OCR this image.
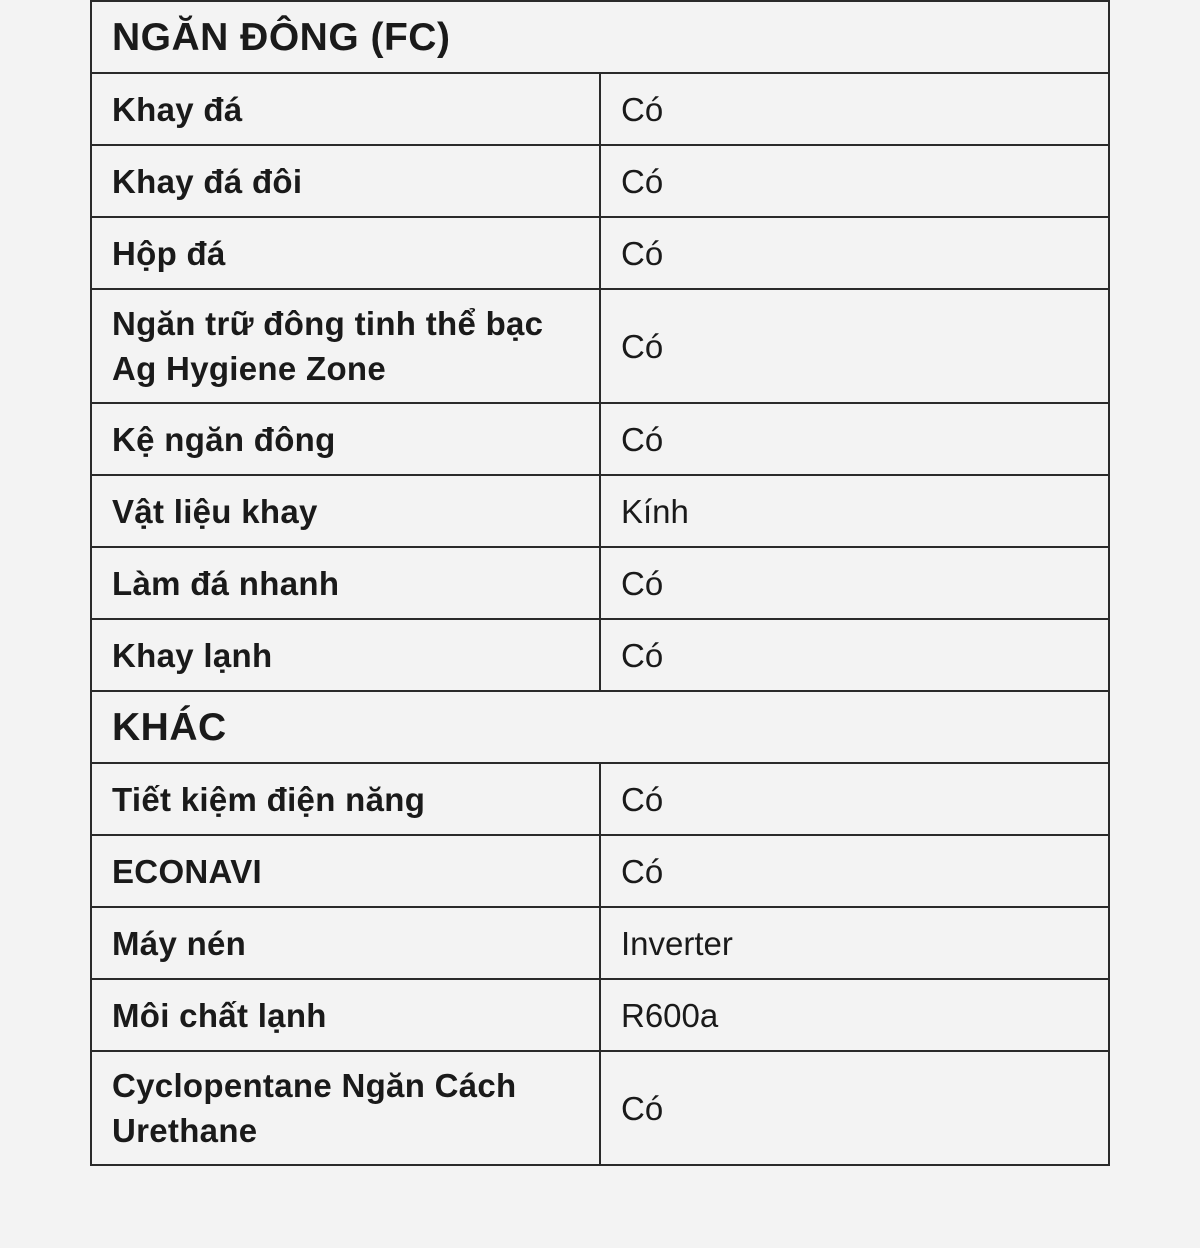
NGĂN ĐÔNG (FC)	
Khay đá	Có
Khay đá đôi	Có
Hộp đá	Có
Ngăn trữ đông tinh thể bạc Ag Hygiene Zone	Có
Kệ ngăn đông	Có
Vật liệu khay	Kính
Làm đá nhanh	Có
Khay lạnh	Có
KHÁC	
Tiết kiệm điện năng	Có
ECONAVI	Có
Máy nén	Inverter
Môi chất lạnh	R600a
Cyclopentane Ngăn Cách Urethane	Có
